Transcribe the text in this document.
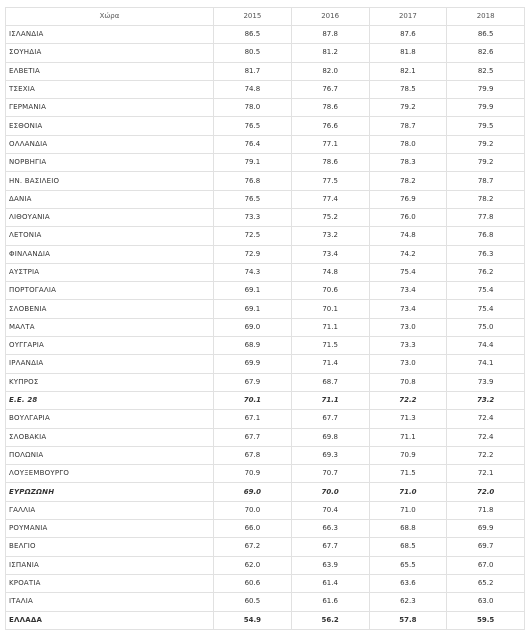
Χώρα	2015	2016	2017	2018
ΙΣΛΑΝΔΙΑ	86.5	87.8	87.6	86.5
ΣΟΥΗΔΙΑ	80.5	81.2	81.8	82.6
ΕΛΒΕΤΙΑ	81.7	82.0	82.1	82.5
ΤΣΕΧΙΑ	74.8	76.7	78.5	79.9
ΓΕΡΜΑΝΙΑ	78.0	78.6	79.2	79.9
ΕΣΘΟΝΙΑ	76.5	76.6	78.7	79.5
ΟΛΛΑΝΔΙΑ	76.4	77.1	78.0	79.2
ΝΟΡΒΗΓΙΑ	79.1	78.6	78.3	79.2
ΗΝ. ΒΑΣΙΛΕΙΟ	76.8	77.5	78.2	78.7
ΔΑΝΙΑ	76.5	77.4	76.9	78.2
ΛΙΘΟΥΑΝΙΑ	73.3	75.2	76.0	77.8
ΛΕΤΟΝΙΑ	72.5	73.2	74.8	76.8
ΦΙΝΛΑΝΔΙΑ	72.9	73.4	74.2	76.3
ΑΥΣΤΡΙΑ	74.3	74.8	75.4	76.2
ΠΟΡΤΟΓΑΛΙΑ	69.1	70.6	73.4	75.4
ΣΛΟΒΕΝΙΑ	69.1	70.1	73.4	75.4
ΜΑΛΤΑ	69.0	71.1	73.0	75.0
ΟΥΓΓΑΡΙΑ	68.9	71.5	73.3	74.4
ΙΡΛΑΝΔΙΑ	69.9	71.4	73.0	74.1
ΚΥΠΡΟΣ	67.9	68.7	70.8	73.9
Ε.Ε. 28	70.1	71.1	72.2	73.2
ΒΟΥΛΓΑΡΙΑ	67.1	67.7	71.3	72.4
ΣΛΟΒΑΚΙΑ	67.7	69.8	71.1	72.4
ΠΟΛΩΝΙΑ	67.8	69.3	70.9	72.2
ΛΟΥΞΕΜΒΟΥΡΓΟ	70.9	70.7	71.5	72.1
ΕΥΡΩΖΩΝΗ	69.0	70.0	71.0	72.0
ΓΑΛΛΙΑ	70.0	70.4	71.0	71.8
ΡΟΥΜΑΝΙΑ	66.0	66.3	68.8	69.9
ΒΕΛΓΙΟ	67.2	67.7	68.5	69.7
ΙΣΠΑΝΙΑ	62.0	63.9	65.5	67.0
ΚΡΟΑΤΙΑ	60.6	61.4	63.6	65.2
ΙΤΑΛΙΑ	60.5	61.6	62.3	63.0
ΕΛΛΑΔΑ	54.9	56.2	57.8	59.5
